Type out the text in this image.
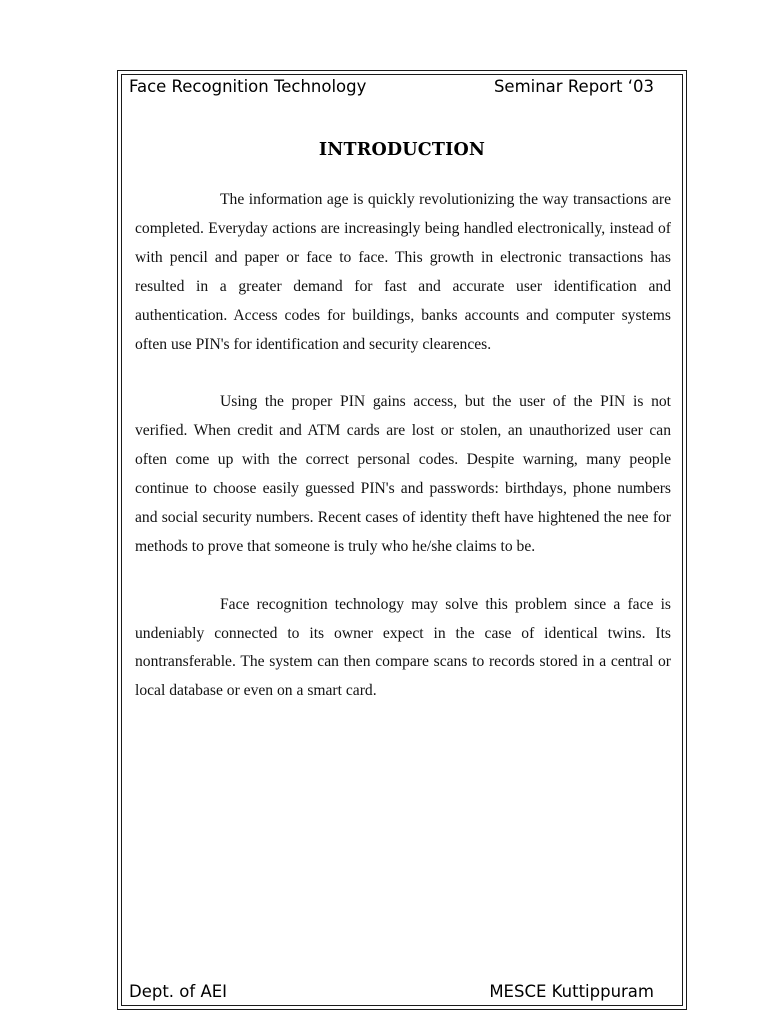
Face Recognition Technology	Seminar Report ‘03
INTRODUCTION

The information age is quickly revolutionizing the way transactions are completed. Everyday actions are increasingly being handled electronically, instead of with pencil and paper or face to face. This growth in electronic transactions has resulted in a greater demand for fast and accurate user identification and authentication. Access codes for buildings, banks accounts and computer systems often use PIN's for identification and security clearences.

Using the proper PIN gains access, but the user of the PIN is not verified. When credit and ATM cards are lost or stolen, an unauthorized user can often come up with the correct personal codes. Despite warning, many people continue to choose easily guessed PIN's and passwords: birthdays, phone numbers and social security numbers. Recent cases of identity theft have hightened the nee for methods to prove that someone is truly who he/she claims to be.

Face recognition technology may solve this problem since a face is undeniably connected to its owner expect in the case of identical twins. Its nontransferable. The system can then compare scans to records stored in a central or local database or even on a smart card.

Dept. of AEI	MESCE Kuttippuram
